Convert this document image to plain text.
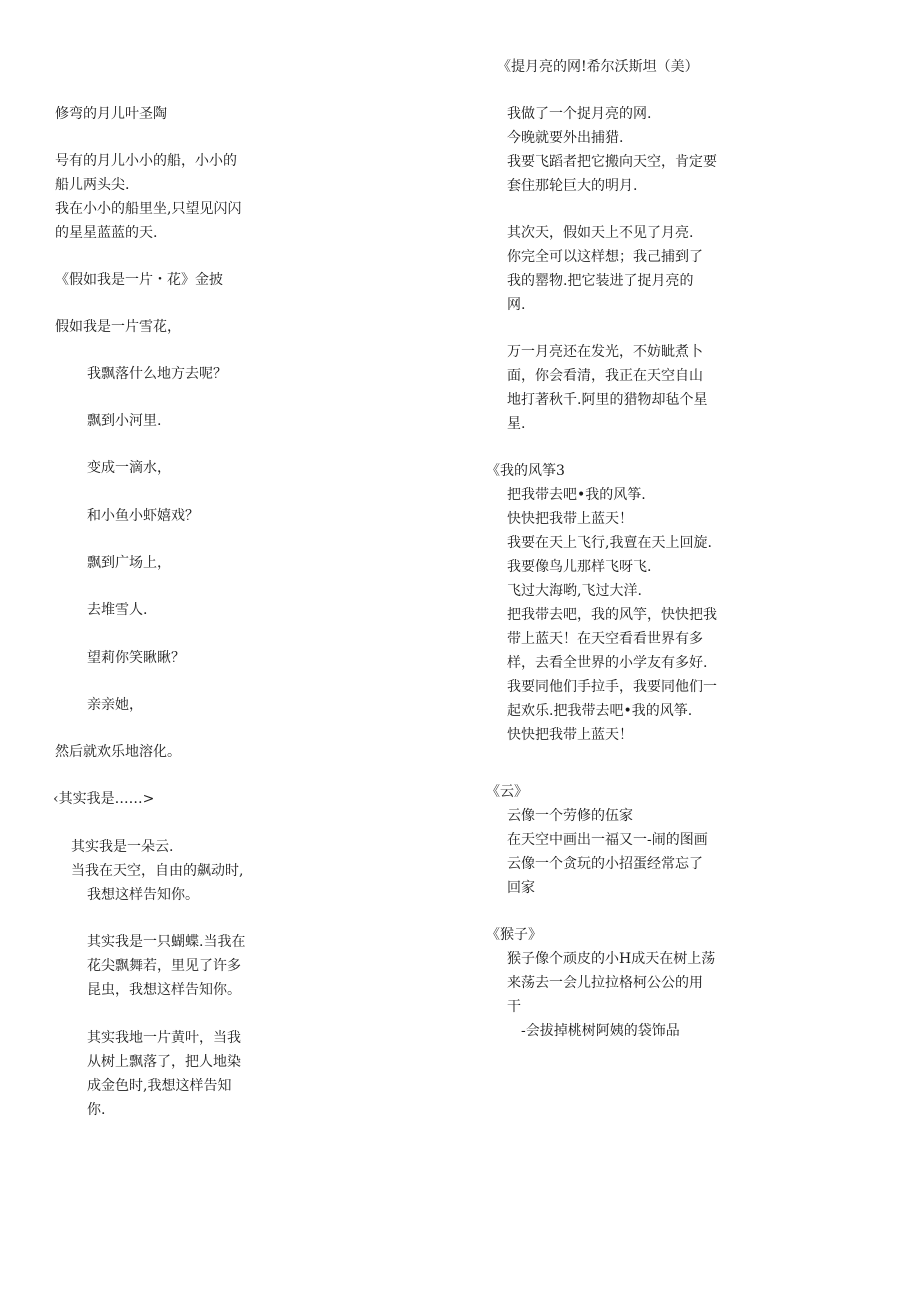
修弯的月儿叶圣陶
号有的月儿小小的船，小小的
船儿两头尖.
我在小小的船里坐,只望见闪闪
的星星蓝蓝的天.
《假如我是一片・花》金披
假如我是一片雪花，
我飘落什么地方去呢？
飘到小河里.
变成一滴水，
和小鱼小虾嬉戏？
飘到广场上，
去堆雪人.
望莉你笑瞅瞅？
亲亲她，
然后就欢乐地溶化。
‹其实我是……>
其实我是一朵云.
当我在天空，自由的飙动时,
我想这样告知你。
其实我是一只蝴蝶.当我在
花尖飘舞若，里见了许多
昆虫，我想这样告知你。
其实我地一片黄叶，当我
从树上飘落了，把人地染
成金色时,我想这样告知
你.
《提月亮的网!希尔沃斯坦（美）
我做了一个捉月亮的网.
今晚就要外出捕猎.
我要飞蹈者把它搬向天空，肯定要
套住那轮巨大的明月.
其次天，假如天上不见了月亮.
你完全可以这样想；我己捕到了
我的罂物.把它装进了捉月亮的
网.
万一月亮还在发光，不妨眦煮卜
面，你会看清，我正在天空自山
地打著秋千.阿里的猎物却毡个星
星.
《我的风筝3
把我带去吧•我的风筝.
快快把我带上蓝天！
我要在天上飞行,我亶在天上回旋.
我要像鸟儿那样飞呀飞.
飞过大海哟,飞过大洋.
把我带去吧，我的风竽，快快把我
带上蓝天！在天空看看世界有多
样，去看全世界的小学友有多好.
我要同他们手拉手，我要同他们一
起欢乐.把我带去吧•我的风筝.
快快把我带上蓝天！
《云》
云像一个劳修的伍家
在天空中画出一福又一-闹的图画
云像一个贪玩的小招蛋经常忘了
回家
《猴子》
猴子像个顽皮的小H成天在树上荡
来荡去一会儿拉拉格柯公公的用
干
-会拔掉桃树阿姨的袋饰品
